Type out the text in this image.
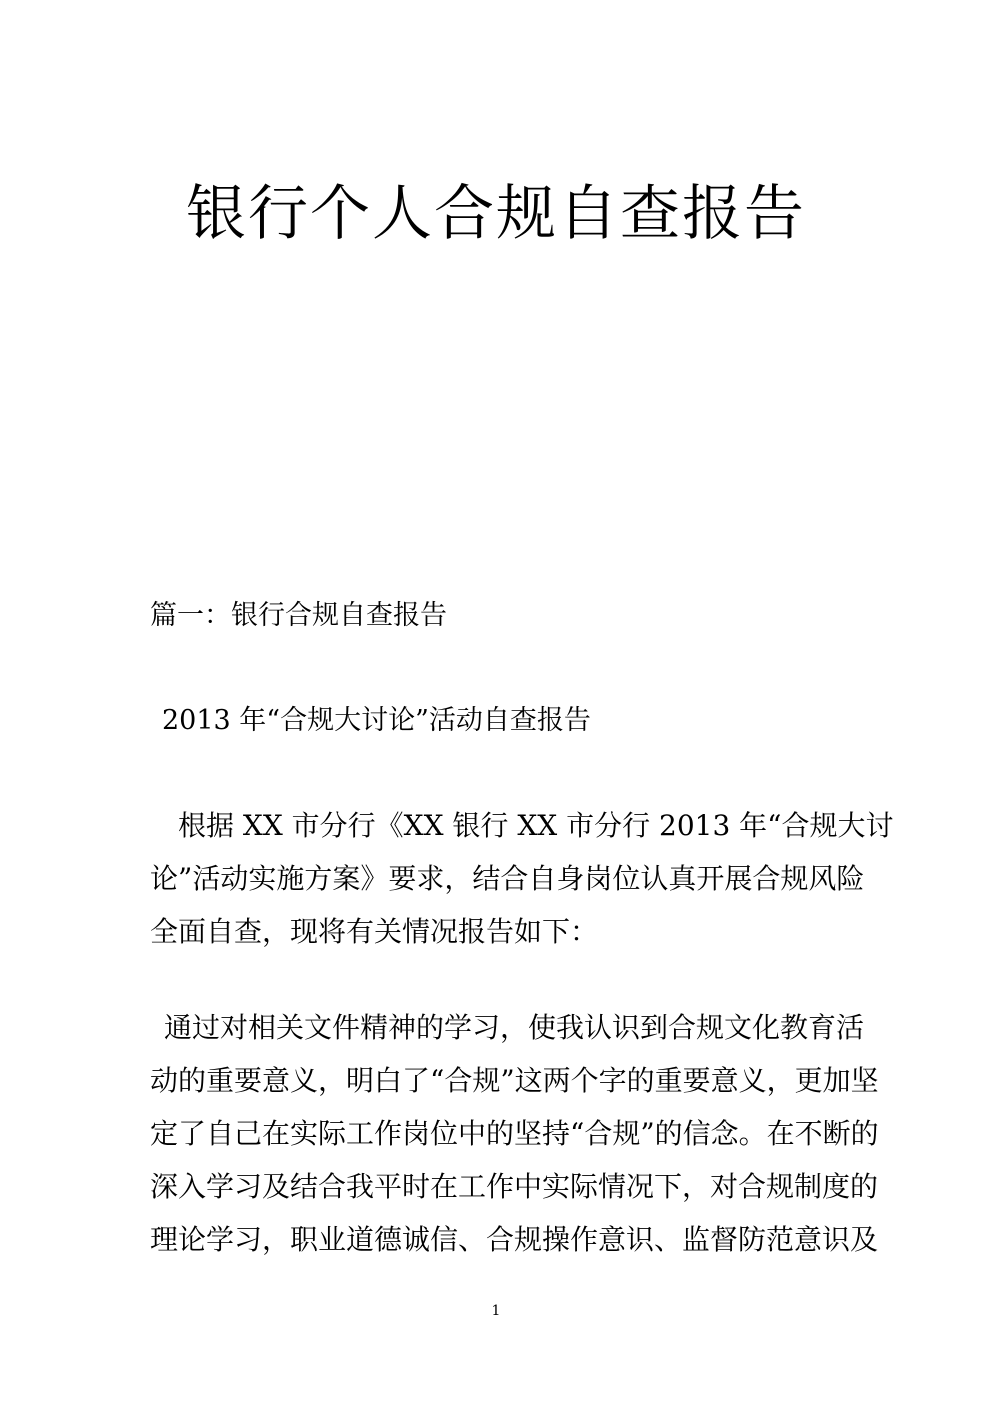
银行个人合规自查报告

篇一：银行合规自查报告

2013 年“合规大讨论”活动自查报告

根据 XX 市分行《XX 银行 XX 市分行 2013 年“合规大讨
论”活动实施方案》要求，结合自身岗位认真开展合规风险
全面自查，现将有关情况报告如下：
通过对相关文件精神的学习，使我认识到合规文化教育活
动的重要意义，明白了“合规”这两个字的重要意义，更加坚
定了自己在实际工作岗位中的坚持“合规”的信念。在不断的
深入学习及结合我平时在工作中实际情况下，对合规制度的
理论学习，职业道德诚信、合规操作意识、监督防范意识及
1
